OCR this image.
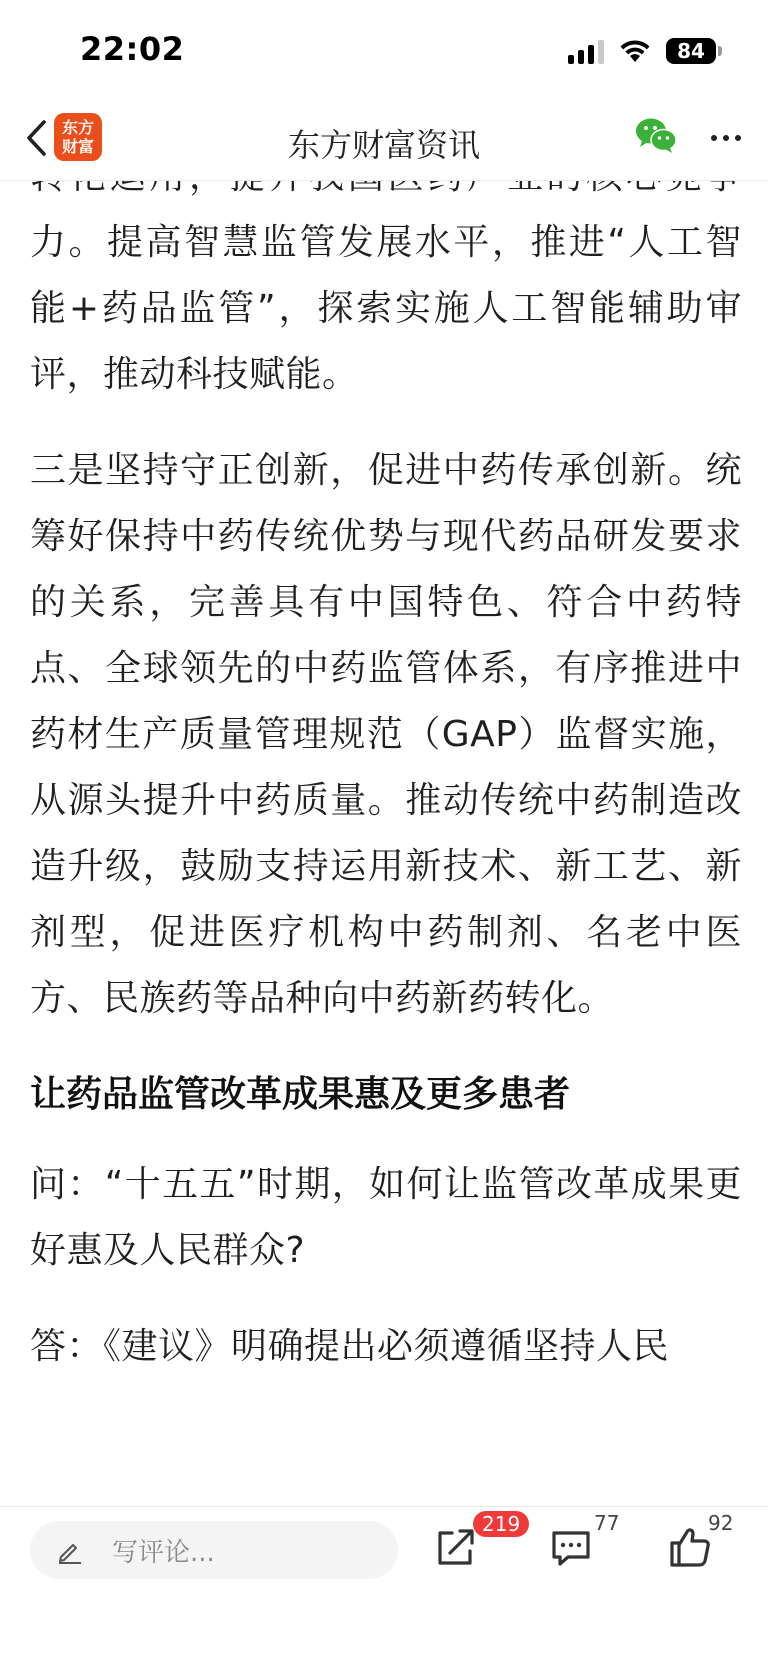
22:02	84
东方
财富	东方财富资讯

力。提高智慧监管发展水平，推进“人工智能+药品监管”，探索实施人工智能辅助审评，推动科技赋能。

三是坚持守正创新，促进中药传承创新。统筹好保持中药传统优势与现代药品研发要求的关系，完善具有中国特色、符合中药特点、全球领先的中药监管体系，有序推进中药材生产质量管理规范（GAP）监督实施，从源头提升中药质量。推动传统中药制造改造升级，鼓励支持运用新技术、新工艺、新剂型，促进医疗机构中药制剂、名老中医方、民族药等品种向中药新药转化。

让药品监管改革成果惠及更多患者

问：“十五五”时期，如何让监管改革成果更好惠及人民群众?

答：《建议》明确提出必须遵循坚持人民

写评论...
219	77	92
